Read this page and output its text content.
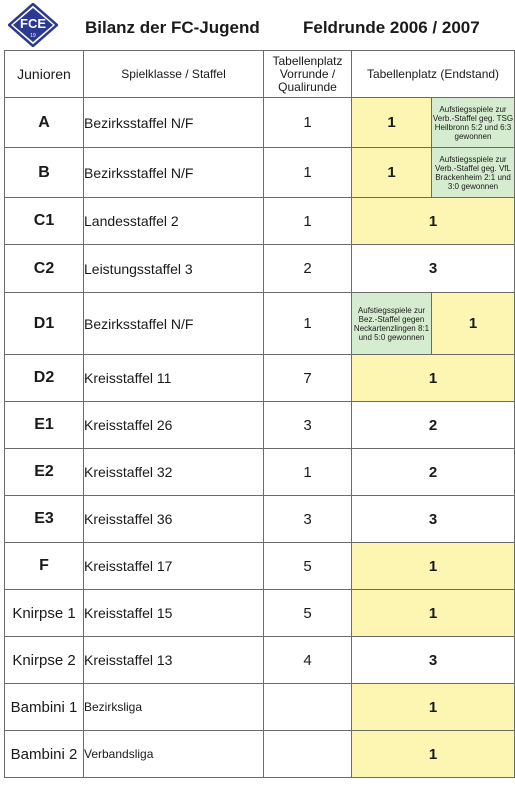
FCE
19	Bilanz der FC-Jugend	Feldrunde 2006 / 2007
Junioren	Spielklasse / Staffel	Tabellenplatz Vorrunde / Qualirunde	Tabellenplatz (Endstand)	
A	Bezirksstaffel N/F	1	1	Aufstiegsspiele zur Verb.-Staffel geg. TSG Heilbronn 5:2 und 6:3 gewonnen
B	Bezirksstaffel N/F	1	1	Aufstiegsspiele zur Verb.-Staffel geg. VfL Brackenheim 2:1 und 3:0 gewonnen
C1	Landesstaffel 2	1	1	
C2	Leistungsstaffel 3	2	3	
D1	Bezirksstaffel N/F	1	Aufstiegsspiele zur Bez.-Staffel gegen Neckartenzlingen 8:1 und 5:0 gewonnen	1
D2	Kreisstaffel 11	7	1	
E1	Kreisstaffel 26	3	2	
E2	Kreisstaffel 32	1	2	
E3	Kreisstaffel 36	3	3	
F	Kreisstaffel 17	5	1	
Knirpse 1	Kreisstaffel 15	5	1	
Knirpse 2	Kreisstaffel 13	4	3	
Bambini 1	Bezirksliga		1	
Bambini 2	Verbandsliga		1	
